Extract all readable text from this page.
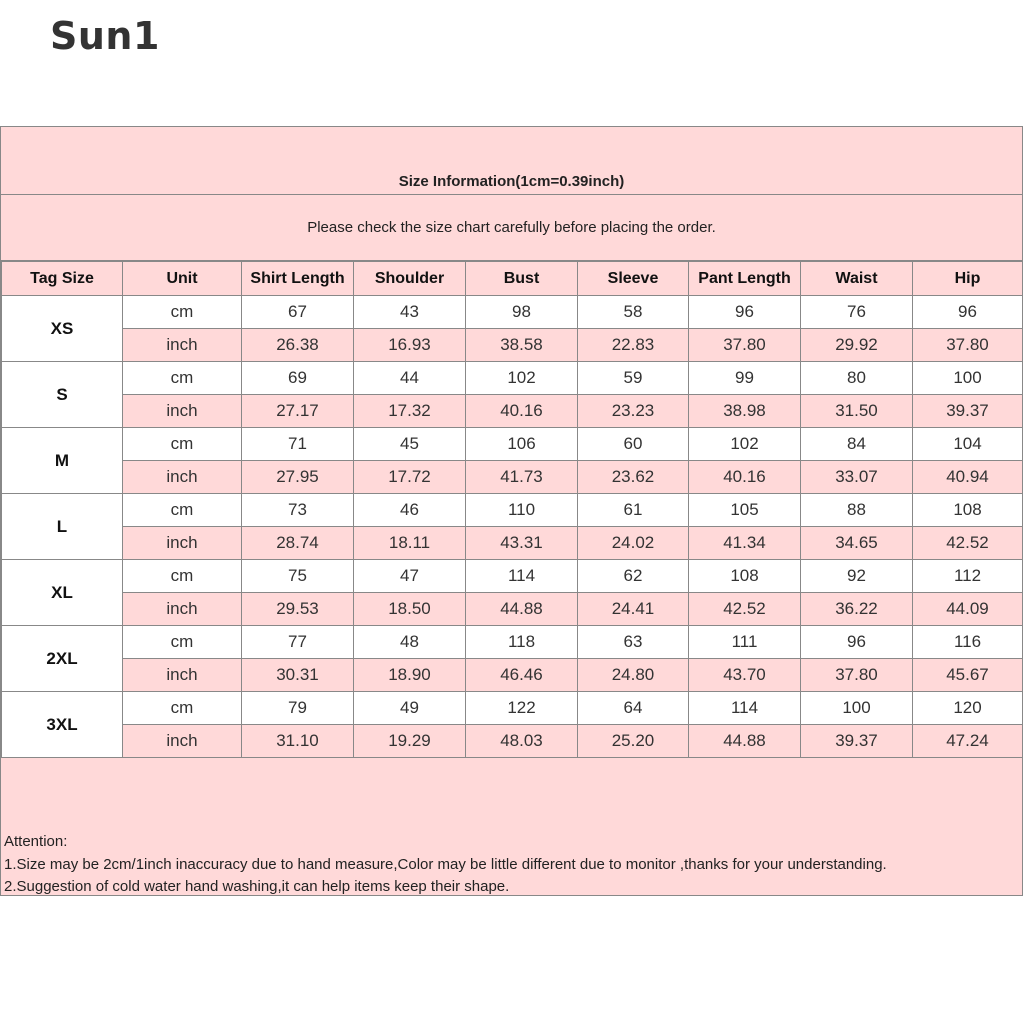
Sun1
Size Information(1cm=0.39inch)
Please check the size chart carefully before placing the order.
Tag Size	Unit	Shirt Length	Shoulder	Bust	Sleeve	Pant Length	Waist	Hip
XS	cm	67	43	98	58	96	76	96
	inch	26.38	16.93	38.58	22.83	37.80	29.92	37.80
S	cm	69	44	102	59	99	80	100
	inch	27.17	17.32	40.16	23.23	38.98	31.50	39.37
M	cm	71	45	106	60	102	84	104
	inch	27.95	17.72	41.73	23.62	40.16	33.07	40.94
L	cm	73	46	110	61	105	88	108
	inch	28.74	18.11	43.31	24.02	41.34	34.65	42.52
XL	cm	75	47	114	62	108	92	112
	inch	29.53	18.50	44.88	24.41	42.52	36.22	44.09
2XL	cm	77	48	118	63	111	96	116
	inch	30.31	18.90	46.46	24.80	43.70	37.80	45.67
3XL	cm	79	49	122	64	114	100	120
	inch	31.10	19.29	48.03	25.20	44.88	39.37	47.24
Attention:
1.Size may be 2cm/1inch inaccuracy due to hand measure,Color may be little different due to monitor ,thanks for your understanding.
2.Suggestion of cold water hand washing,it can help items keep their shape.
